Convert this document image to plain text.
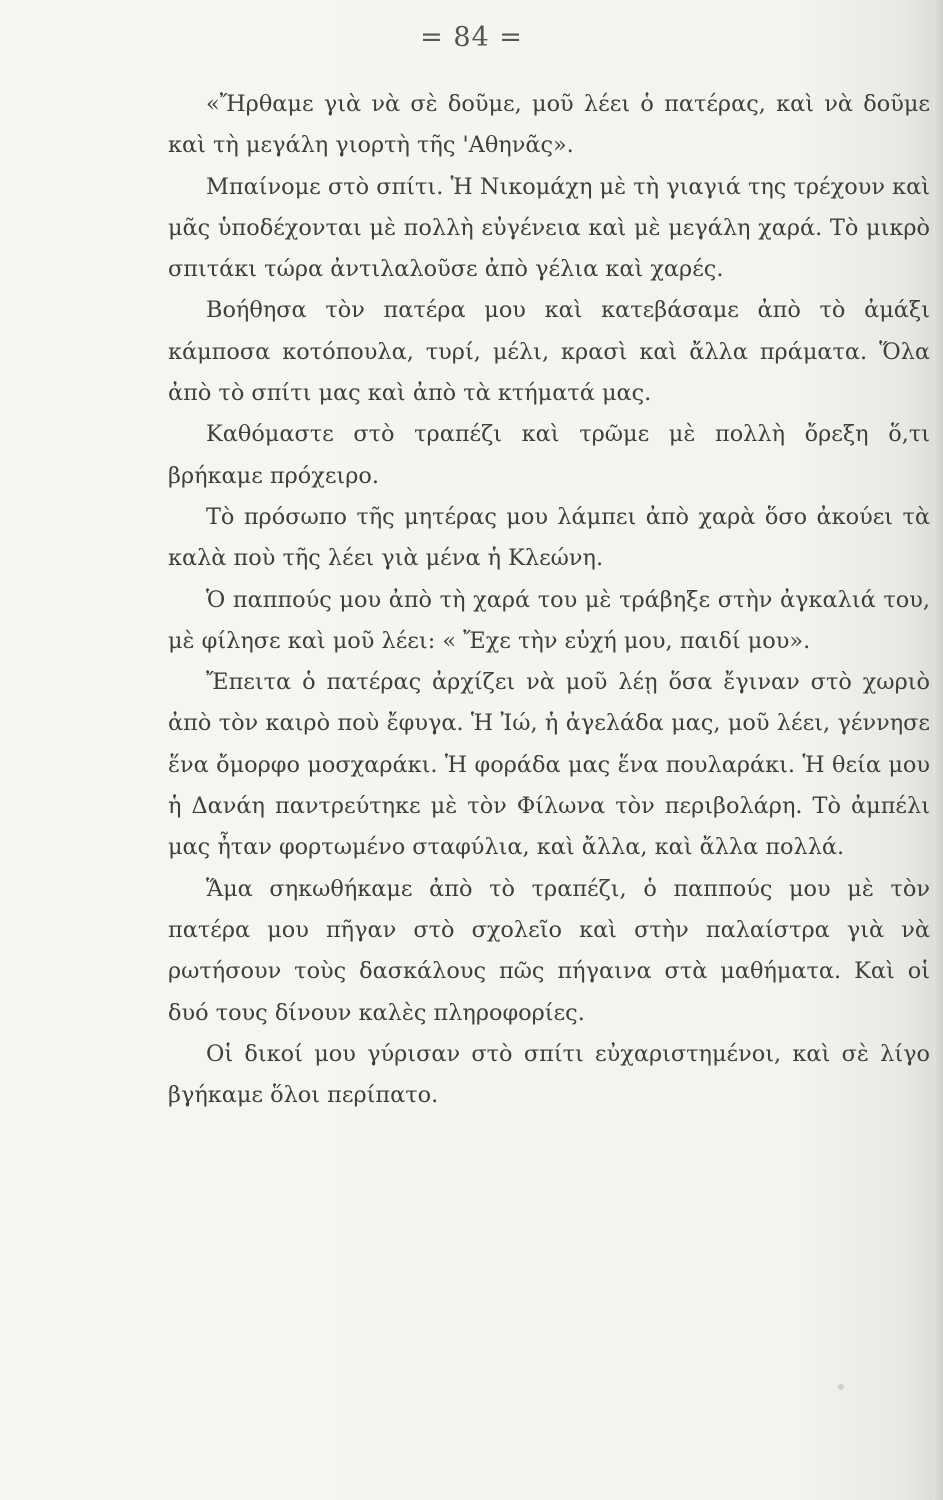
= 84 =

«Ἤρθαμε γιὰ νὰ σὲ δοῦμε, μοῦ λέει ὁ πατέρας, καὶ νὰ δοῦμε καὶ τὴ μεγάλη γιορτὴ τῆς 'Αθηνᾶς».

Μπαίνομε στὸ σπίτι. Ἡ Νικομάχη μὲ τὴ γιαγιά της τρέχουν καὶ μᾶς ὑποδέχονται μὲ πολλὴ εὐγένεια καὶ μὲ μεγάλη χαρά. Τὸ μικρὸ σπιτάκι τώρα ἀντιλαλοῦσε ἀπὸ γέλια καὶ χαρές.

Βοήθησα τὸν πατέρα μου καὶ κατεβάσαμε ἀπὸ τὸ ἀμάξι κάμποσα κοτόπουλα, τυρί, μέλι, κρασὶ καὶ ἄλλα πράματα. Ὅλα ἀπὸ τὸ σπίτι μας καὶ ἀπὸ τὰ κτήματά μας.

Καθόμαστε στὸ τραπέζι καὶ τρῶμε μὲ πολλὴ ὄρεξη ὅ,τι βρήκαμε πρόχειρο.

Τὸ πρόσωπο τῆς μητέρας μου λάμπει ἀπὸ χαρὰ ὅσο ἀκούει τὰ καλὰ ποὺ τῆς λέει γιὰ μένα ἡ Κλεώνη.

Ὁ παππούς μου ἀπὸ τὴ χαρά του μὲ τράβηξε στὴν ἀγκαλιά του, μὲ φίλησε καὶ μοῦ λέει: « Ἔχε τὴν εὐχή μου, παιδί μου».

Ἔπειτα ὁ πατέρας ἀρχίζει νὰ μοῦ λέῃ ὅσα ἔγιναν στὸ χωριὸ ἀπὸ τὸν καιρὸ ποὺ ἔφυγα. Ἡ Ἰώ, ἡ ἀγελάδα μας, μοῦ λέει, γέννησε ἕνα ὄμορφο μοσχαράκι. Ἡ φοράδα μας ἕνα πουλαράκι. Ἡ θεία μου ἡ Δανάη παντρεύτηκε μὲ τὸν Φίλωνα τὸν περιβολάρη. Τὸ ἀμπέλι μας ἦταν φορτωμένο σταφύλια, καὶ ἄλλα, καὶ ἄλλα πολλά.

Ἅμα σηκωθήκαμε ἀπὸ τὸ τραπέζι, ὁ παππούς μου μὲ τὸν πατέρα μου πῆγαν στὸ σχολεῖο καὶ στὴν παλαίστρα γιὰ νὰ ρωτήσουν τοὺς δασκάλους πῶς πήγαινα στὰ μαθήματα. Καὶ οἱ δυό τους δίνουν καλὲς πληροφορίες.

Οἱ δικοί μου γύρισαν στὸ σπίτι εὐχαριστημένοι, καὶ σὲ λίγο βγήκαμε ὅλοι περίπατο.
